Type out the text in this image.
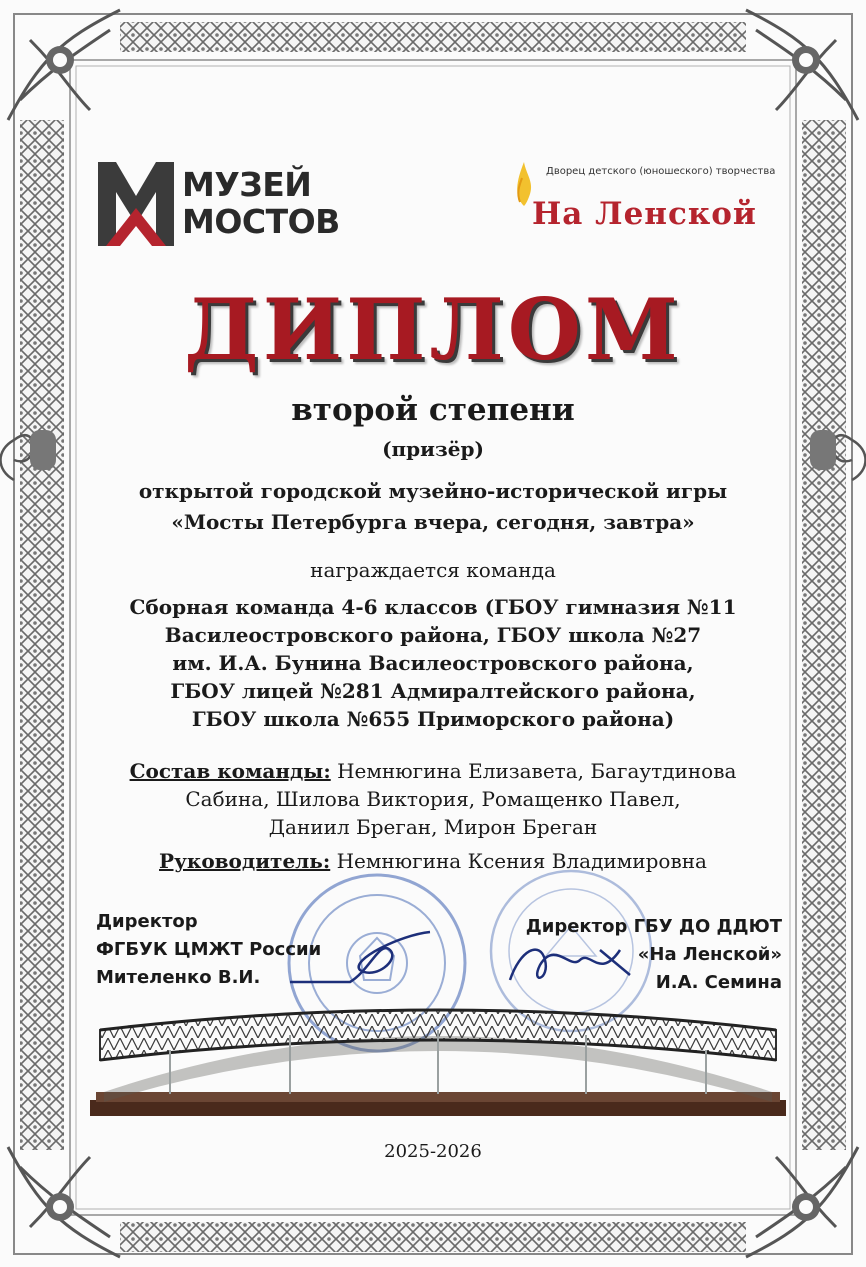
МУЗЕЙ
МОСТОВ
Дворец детского (юношеского) творчества
На Ленской
ДИПЛОМ
второй степени
(призёр)
открытой городской музейно-исторической игры
«Мосты Петербурга вчера, сегодня, завтра»
награждается команда
Сборная команда 4-6 классов (ГБОУ гимназия №11
Василеостровского района, ГБОУ школа №27
им. И.А. Бунина Василеостровского района,
ГБОУ лицей №281 Адмиралтейского района,
ГБОУ школа №655 Приморского района)
Состав команды: Немнюгина Елизавета, Багаутдинова
Сабина, Шилова Виктория, Ромащенко Павел,
Даниил Бреган, Мирон Бреган
Руководитель: Немнюгина Ксения Владимировна
Директор
ФГБУК ЦМЖТ России
Мителенко В.И.
Директор ГБУ ДО ДДЮТ
«На Ленской»
И.А. Семина
2025-2026
